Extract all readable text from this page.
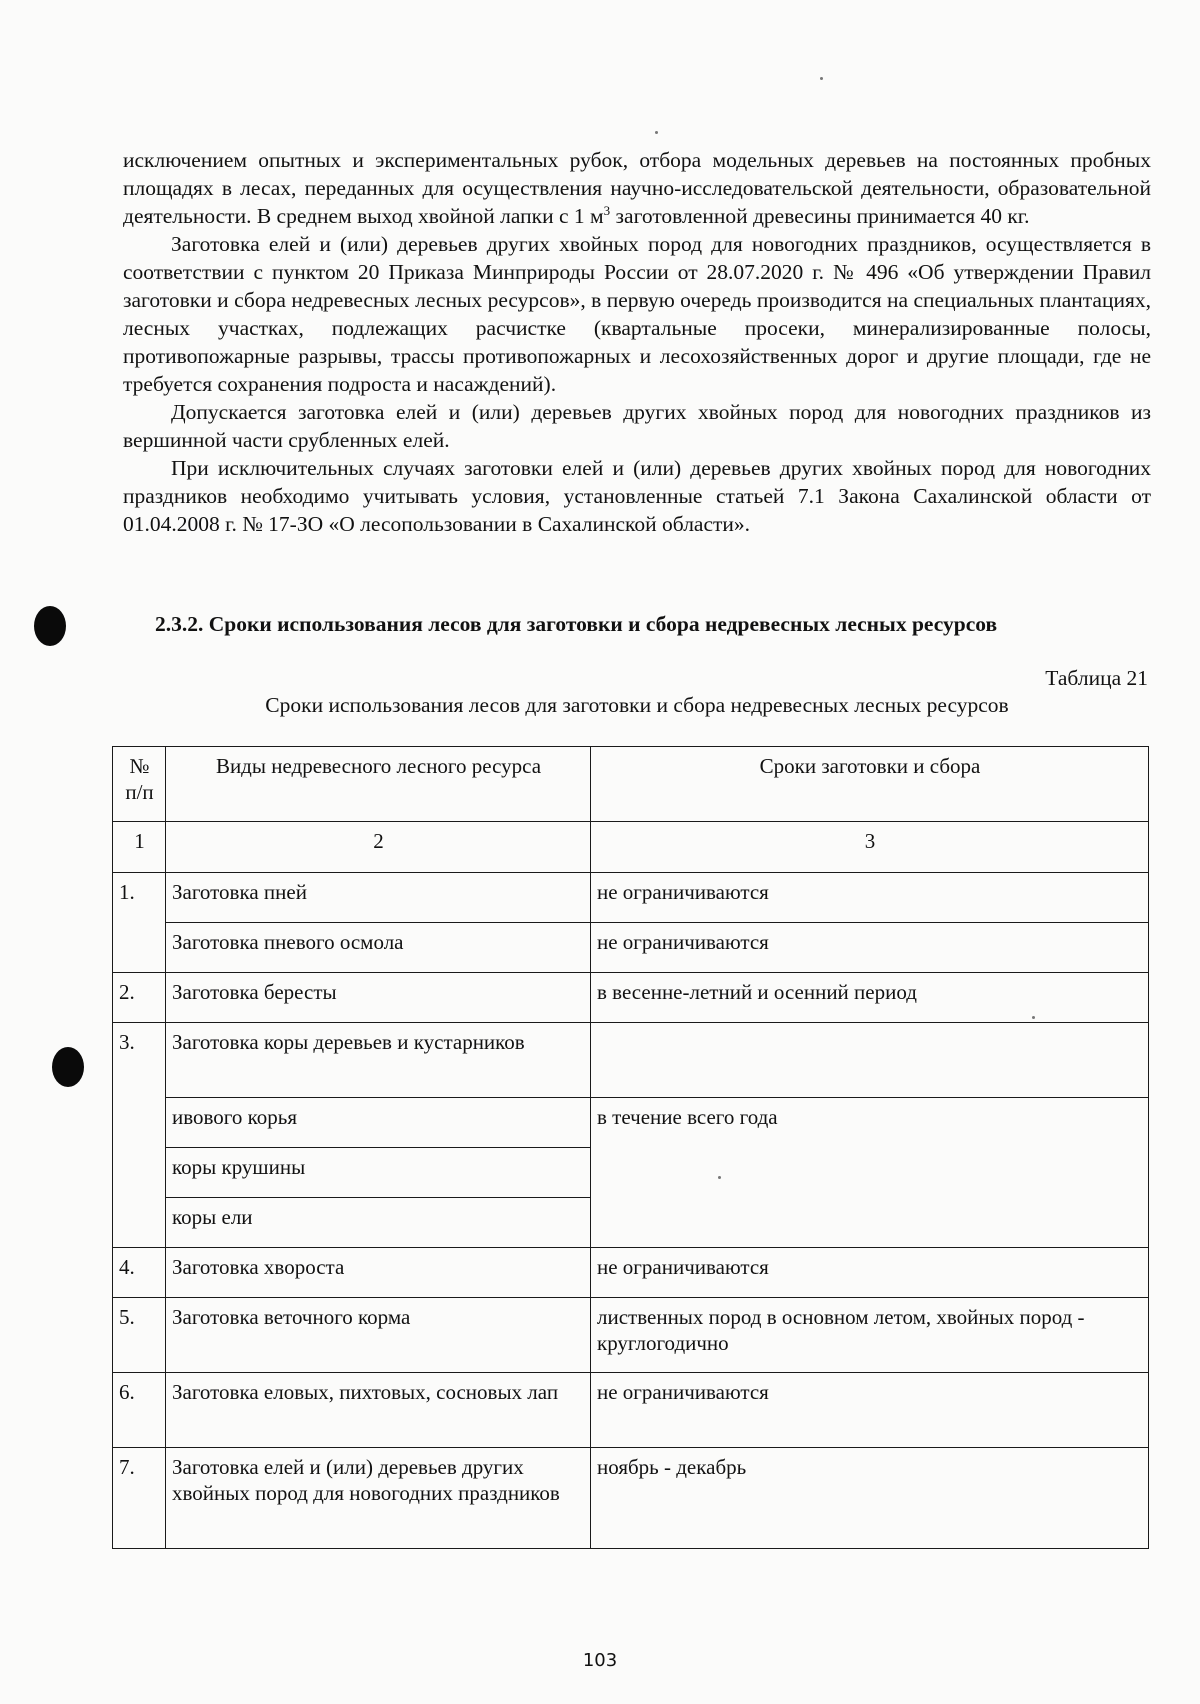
исключением опытных и экспериментальных рубок, отбора модельных деревьев на постоянных пробных площадях в лесах, переданных для осуществления научно-исследовательской деятельности, образовательной деятельности. В среднем выход хвойной лапки с 1 $м^3$ заготовленной древесины принимается 40 кг.

Заготовка елей и (или) деревьев других хвойных пород для новогодних праздников, осуществляется в соответствии с пунктом 20 Приказа Минприроды России от 28.07.2020 г. № 496 «Об утверждении Правил заготовки и сбора недревесных лесных ресурсов», в первую очередь производится на специальных плантациях, лесных участках, подлежащих расчистке (квартальные просеки, минерализированные полосы, противопожарные разрывы, трассы противопожарных и лесохозяйственных дорог и другие площади, где не требуется сохранения подроста и насаждений).

Допускается заготовка елей и (или) деревьев других хвойных пород для новогодних праздников из вершинной части срубленных елей.

При исключительных случаях заготовки елей и (или) деревьев других хвойных пород для новогодних праздников необходимо учитывать условия, установленные статьей 7.1 Закона Сахалинской области от 01.04.2008 г. № 17-ЗО «О лесопользовании в Сахалинской области».

2.3.2. Сроки использования лесов для заготовки и сбора недревесных лесных ресурсов
Таблица 21
Сроки использования лесов для заготовки и сбора недревесных лесных ресурсов
№ п/п	Виды недревесного лесного ресурса	Сроки заготовки и сбора
1	2	3
1.	Заготовка пней	не ограничиваются
	Заготовка пневого осмола	не ограничиваются
2.	Заготовка бересты	в весенне-летний и осенний период
3.	Заготовка коры деревьев и кустарников	
	ивового корья	в течение всего года
	коры крушины	
	коры ели	
4.	Заготовка хвороста	не ограничиваются
5.	Заготовка веточного корма	лиственных пород в основном летом, хвойных пород - круглогодично
6.	Заготовка еловых, пихтовых, сосновых лап	не ограничиваются
7.	Заготовка елей и (или) деревьев других хвойных пород для новогодних праздников	ноябрь - декабрь
103
